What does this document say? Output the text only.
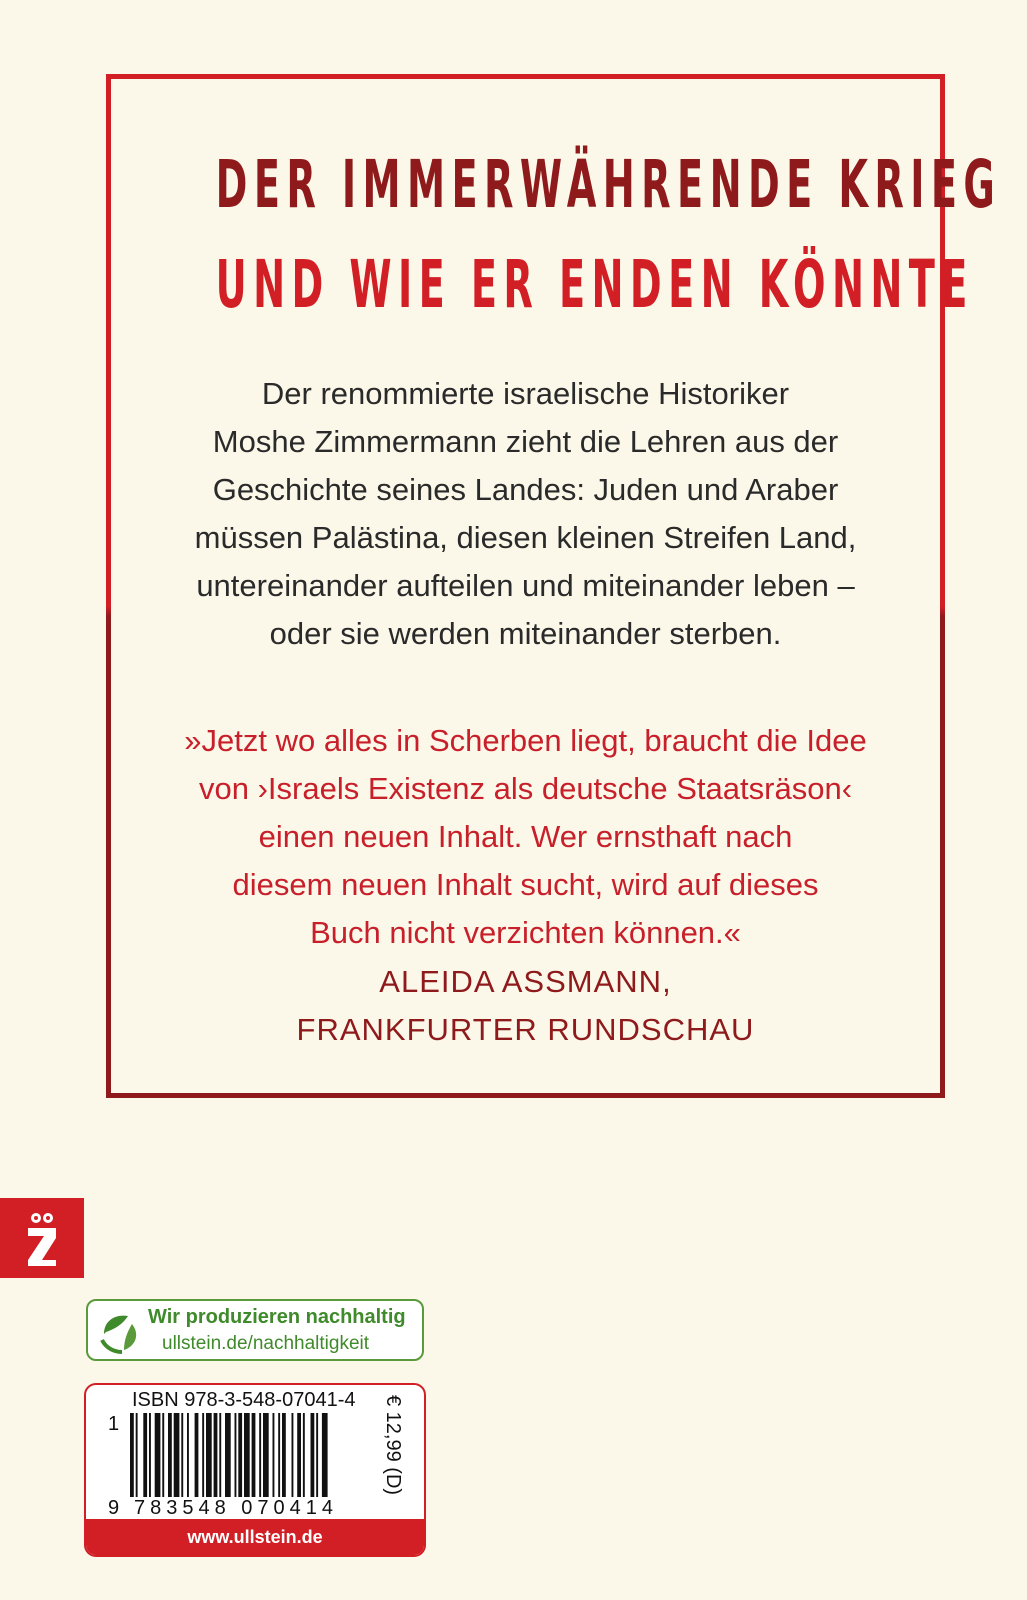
DER IMMERWÄHRENDE KRIEG
UND WIE ER ENDEN KÖNNTE
Der renommierte israelische Historiker
Moshe Zimmermann zieht die Lehren aus der
Geschichte seines Landes: Juden und Araber
müssen Palästina, diesen kleinen Streifen Land,
untereinander aufteilen und miteinander leben –
oder sie werden miteinander sterben.
»Jetzt wo alles in Scherben liegt, braucht die Idee
von ›Israels Existenz als deutsche Staatsräson‹
einen neuen Inhalt. Wer ernsthaft nach
diesem neuen Inhalt sucht, wird auf dieses
Buch nicht verzichten können.«
ALEIDA ASSMANN,
FRANKFURTER RUNDSCHAU
Wir produzieren nachhaltig
ullstein.de/nachhaltigkeit
ISBN 978-3-548-07041-4
1
9 783548 070414
€ 12,99 (D)
www.ullstein.de
